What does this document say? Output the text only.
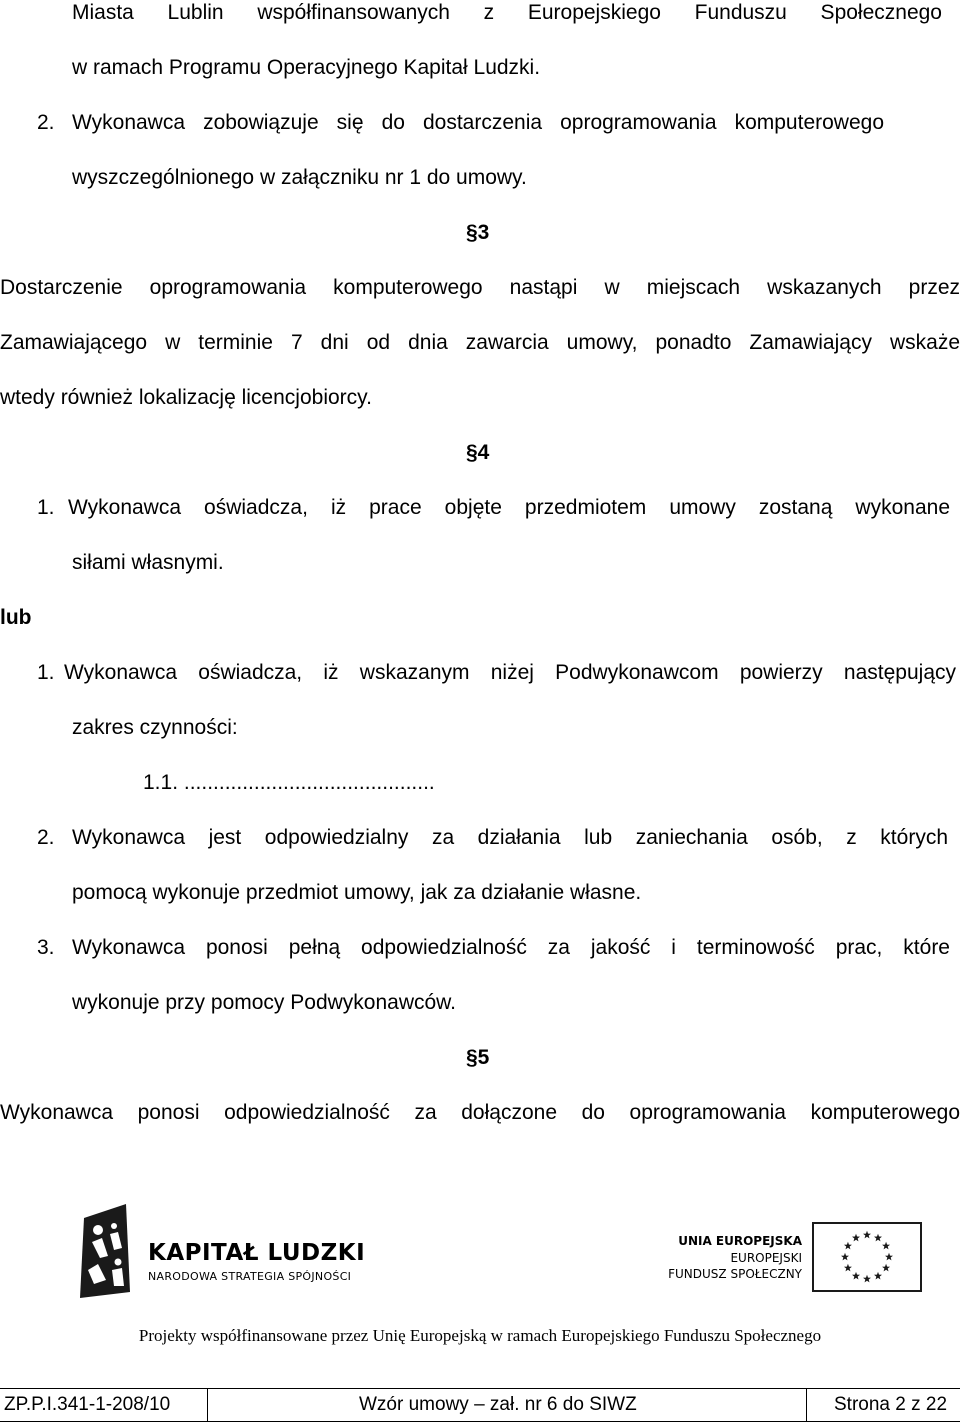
Miasta Lublin współfinansowanych z Europejskiego Funduszu Społecznego
w ramach Programu Operacyjnego Kapitał Ludzki.
2. Wykonawca zobowiązuje się do dostarczenia oprogramowania komputerowego
wyszczególnionego w załączniku nr 1 do umowy.
§3
Dostarczenie oprogramowania komputerowego nastąpi w miejscach wskazanych przez
Zamawiającego w terminie 7 dni od dnia zawarcia umowy, ponadto Zamawiający wskaże
wtedy również lokalizację licencjobiorcy.
§4
1. Wykonawca oświadcza, iż prace objęte przedmiotem umowy zostaną wykonane
siłami własnymi.
lub
1. Wykonawca oświadcza, iż wskazanym niżej Podwykonawcom powierzy następujący
zakres czynności:
1.1. ...........................................
2. Wykonawca jest odpowiedzialny za działania lub zaniechania osób, z których
pomocą wykonuje przedmiot umowy, jak za działanie własne.
3. Wykonawca ponosi pełną odpowiedzialność za jakość i terminowość prac, które
wykonuje przy pomocy Podwykonawców.
§5
Wykonawca ponosi odpowiedzialność za dołączone do oprogramowania komputerowego
KAPITAŁ LUDZKI
NARODOWA STRATEGIA SPÓJNOŚCI
UNIA EUROPEJSKA
EUROPEJSKI
FUNDUSZ SPOŁECZNY
Projekty współfinansowane przez Unię Europejską w ramach Europejskiego Funduszu Społecznego
ZP.P.I.341-1-208/10	Wzór umowy – zał. nr 6 do SIWZ	Strona 2 z 22
